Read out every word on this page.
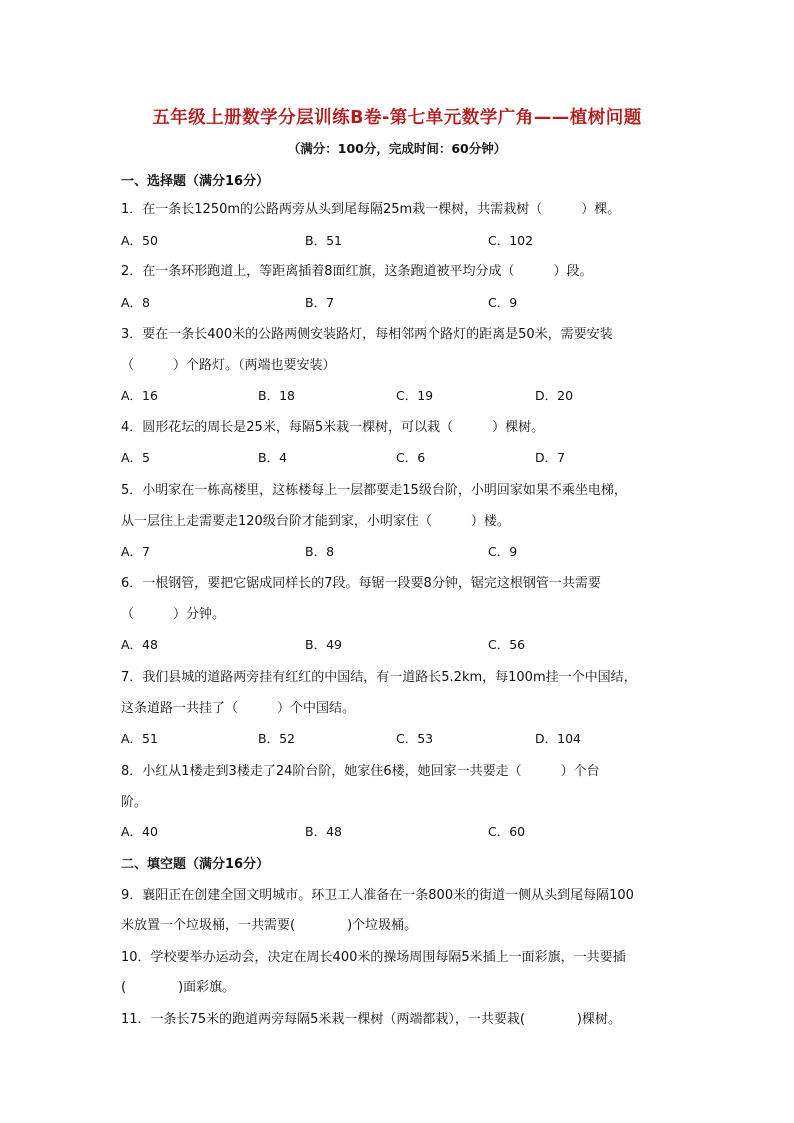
五年级上册数学分层训练B卷-第七单元数学广角——植树问题
（满分：100分，完成时间：60分钟）
一、选择题（满分16分）
1．在一条长1250m的公路两旁从头到尾每隔25m栽一棵树，共需栽树（　　　）棵。
A．50	B．51	C．102
2．在一条环形跑道上，等距离插着8面红旗，这条跑道被平均分成（　　　）段。
A．8	B．7	C．9
3．要在一条长400米的公路两侧安装路灯，每相邻两个路灯的距离是50米，需要安装
（　　　）个路灯。（两端也要安装）
A．16	B．18	C．19	D．20
4．圆形花坛的周长是25米，每隔5米栽一棵树，可以栽（　　　）棵树。
A．5	B．4	C．6	D．7
5．小明家在一栋高楼里，这栋楼每上一层都要走15级台阶，小明回家如果不乘坐电梯，
从一层往上走需要走120级台阶才能到家，小明家住（　　　）楼。
A．7	B．8	C．9
6．一根钢管，要把它锯成同样长的7段。每锯一段要8分钟，锯完这根钢管一共需要
（　　　）分钟。
A．48	B．49	C．56
7．我们县城的道路两旁挂有红红的中国结，有一道路长5.2km，每100m挂一个中国结，
这条道路一共挂了（　　　）个中国结。
A．51	B．52	C．53	D．104
8．小红从1楼走到3楼走了24阶台阶，她家住6楼，她回家一共要走（　　　）个台
阶。
A．40	B．48	C．60
二、填空题（满分16分）
9．襄阳正在创建全国文明城市。环卫工人准备在一条800米的街道一侧从头到尾每隔100
米放置一个垃圾桶，一共需要(　　　　)个垃圾桶。
10．学校要举办运动会，决定在周长400米的操场周围每隔5米插上一面彩旗，一共要插
(　　　　)面彩旗。
11．一条长75米的跑道两旁每隔5米栽一棵树（两端都栽），一共要栽(　　　　)棵树。
